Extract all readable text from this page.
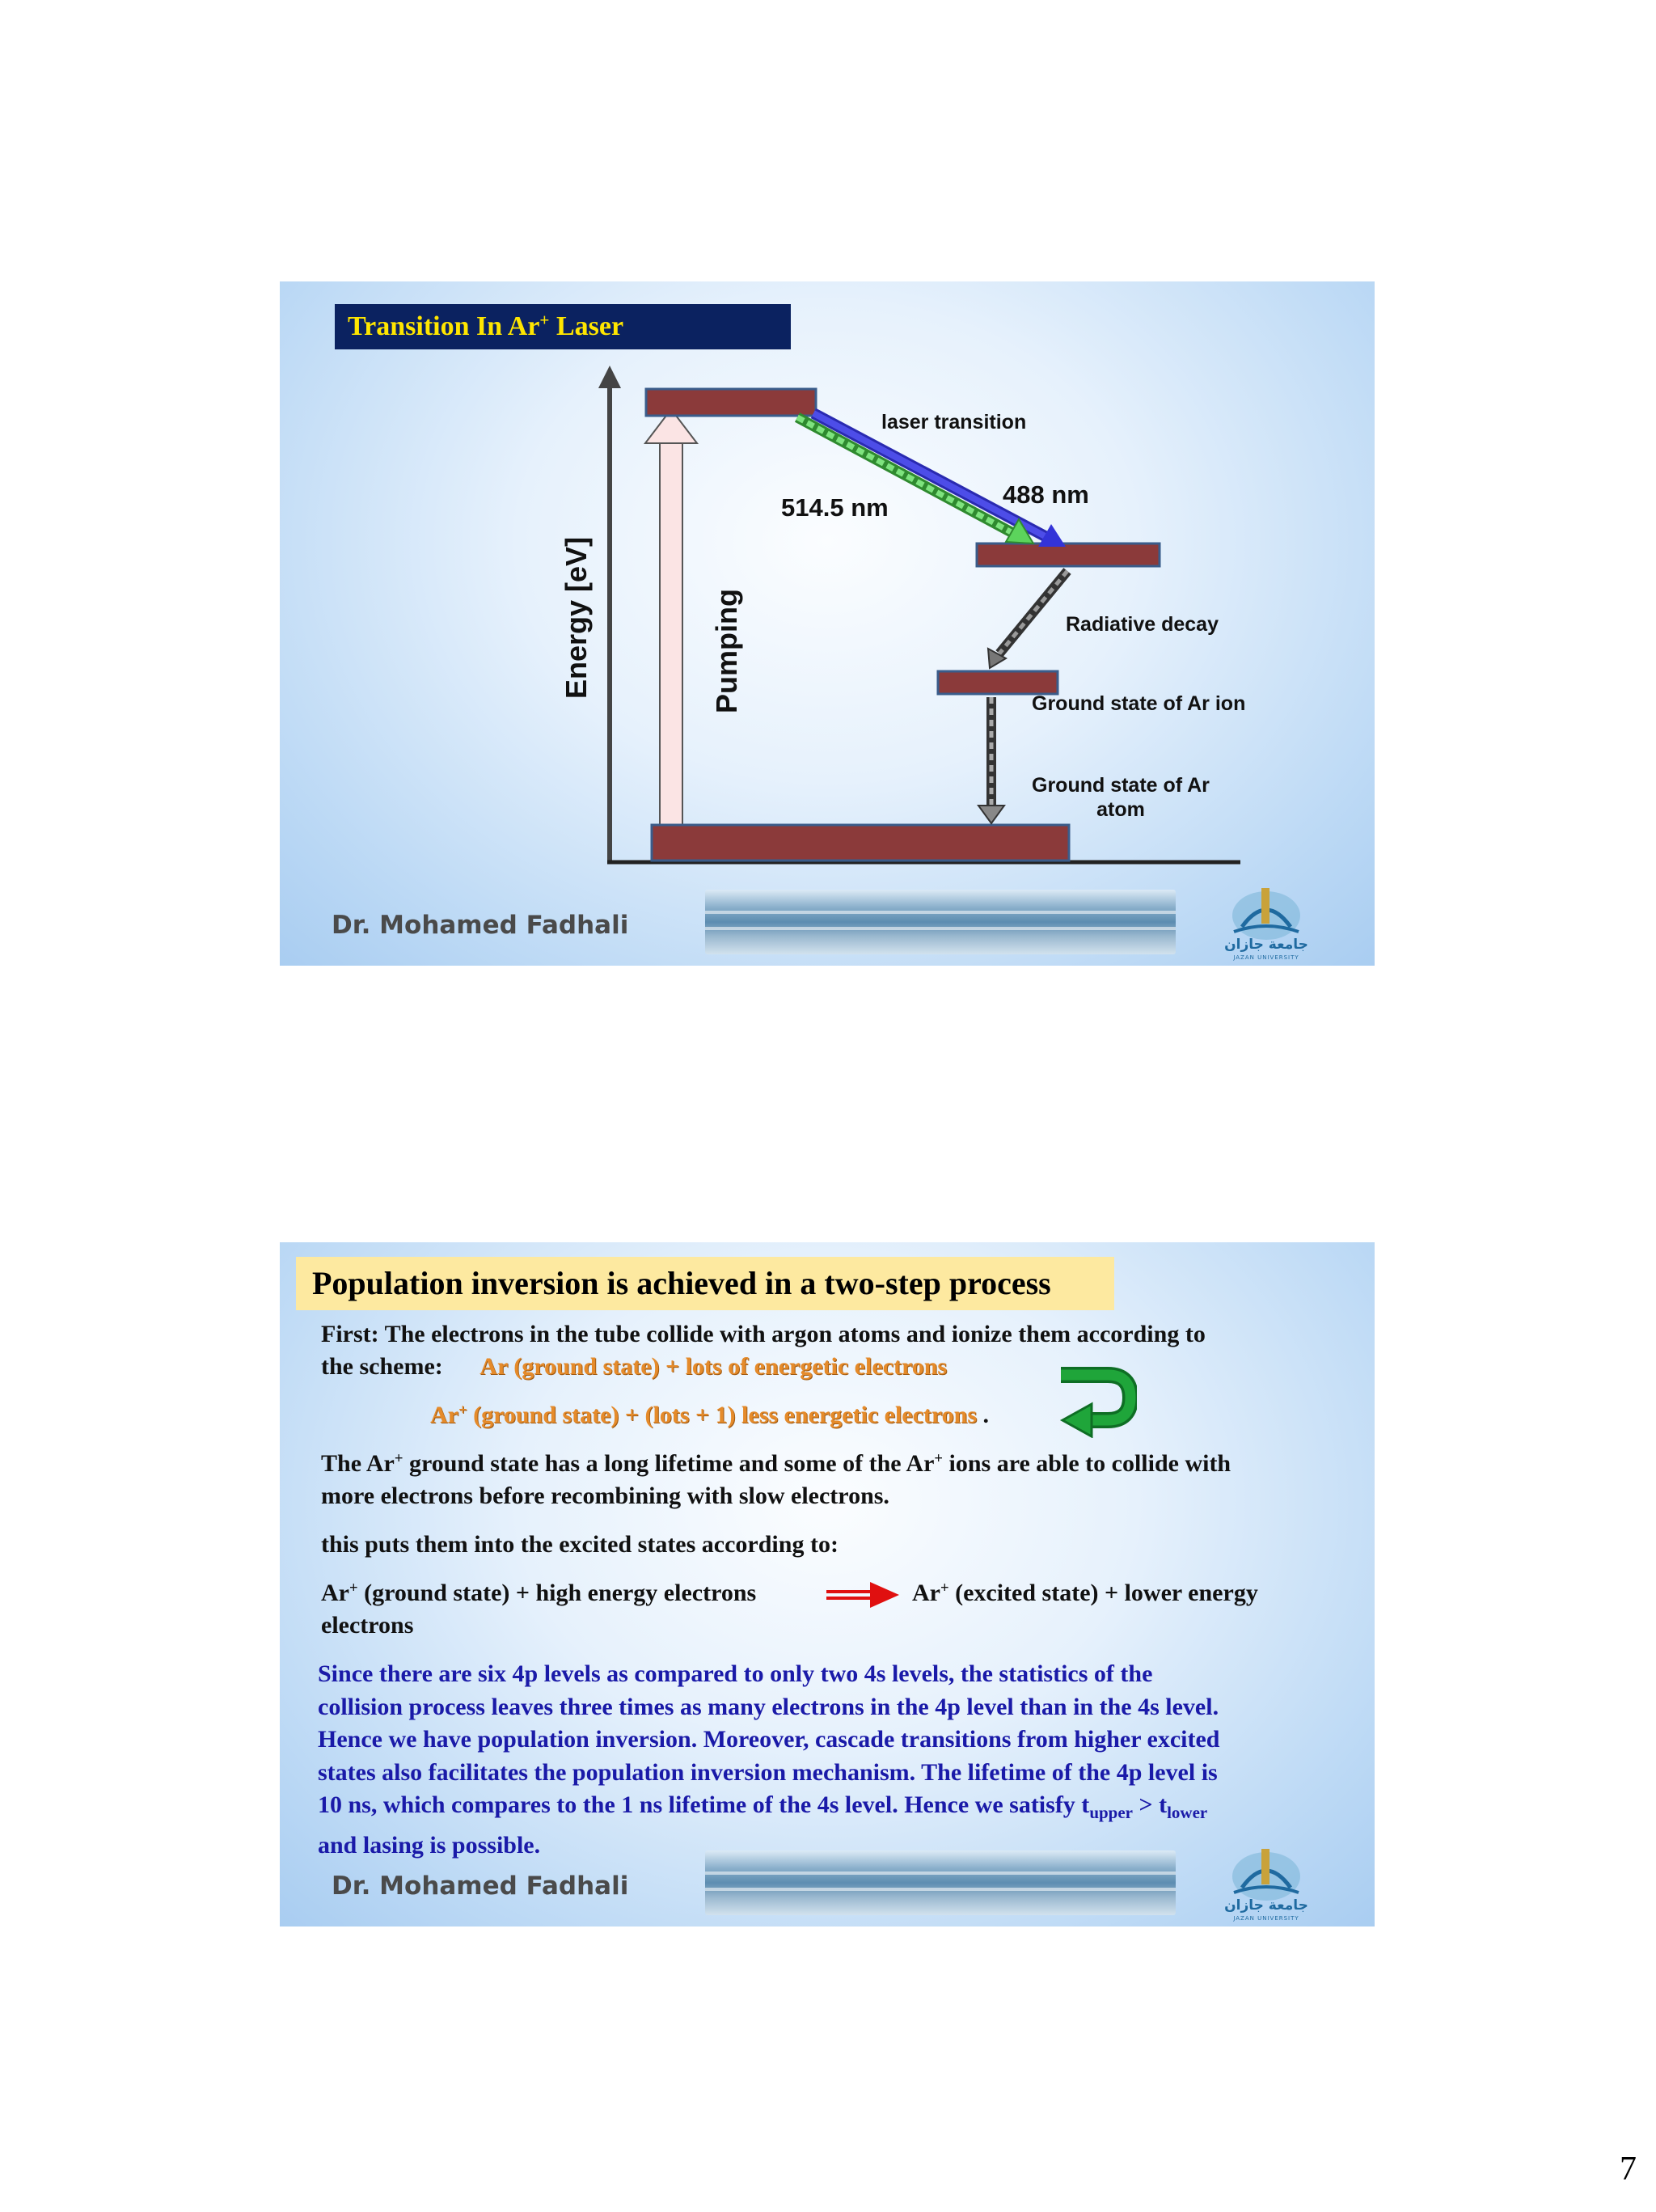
Transition In Ar+ Laser
Energy [eV]	Pumping
laser transition
514.5 nm	488 nm
Radiative decay
Ground state of Ar ion
Ground state of Ar
atom
Dr. Mohamed Fadhali
جامعة جازان
JAZAN UNIVERSITY
Population inversion is achieved in a two-step process
First: The electrons in the tube collide with argon atoms and ionize them according to
the scheme: Ar (ground state) + lots of energetic electrons
Ar+ (ground state) + (lots + 1) less energetic electrons .
The Ar+ ground state has a long lifetime and some of the Ar+ ions are able to collide with
more electrons before recombining with slow electrons.
this puts them into the excited states according to:
Ar+ (ground state) + high energy electrons	Ar+ (excited state) + lower energy
electrons
Since there are six 4p levels as compared to only two 4s levels, the statistics of the
collision process leaves three times as many electrons in the 4p level than in the 4s level.
Hence we have population inversion. Moreover, cascade transitions from higher excited
states also facilitates the population inversion mechanism. The lifetime of the 4p level is
10 ns, which compares to the 1 ns lifetime of the 4s level. Hence we satisfy $t_{upper} > t_{lower}$
and lasing is possible.
Dr. Mohamed Fadhali
جامعة جازان
JAZAN UNIVERSITY
7
